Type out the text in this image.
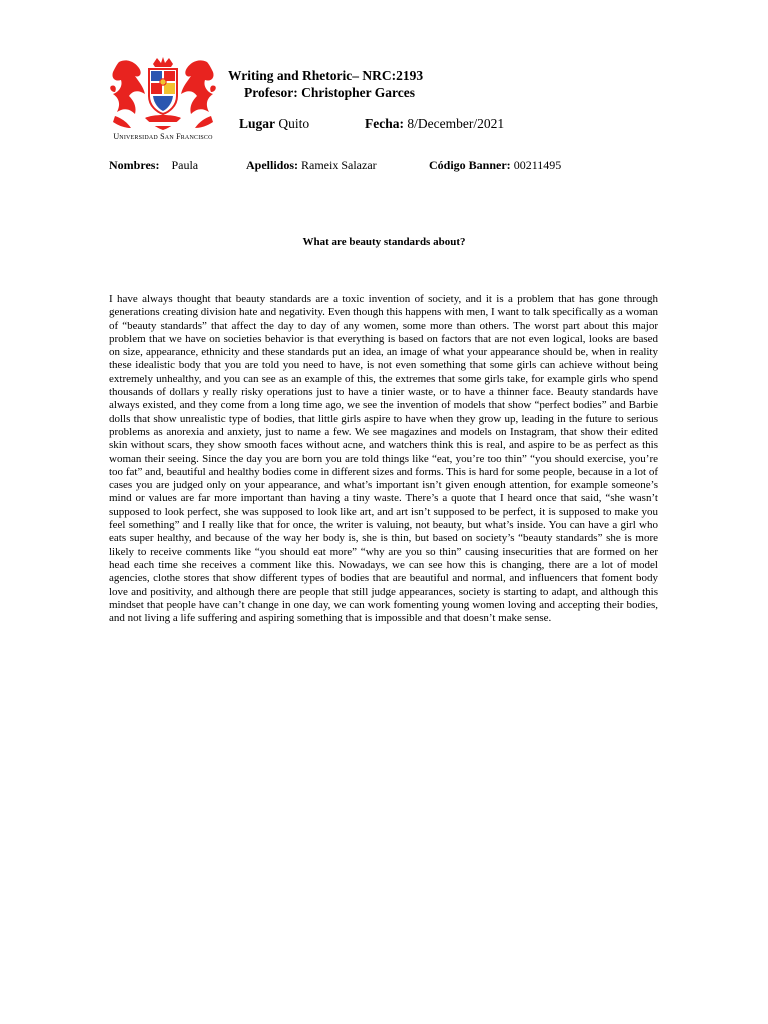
Universidad San Francisco
Writing and Rhetoric– NRC:2193
Profesor: Christopher Garces
Lugar Quito	Fecha: 8/December/2021
Nombres: Paula	Apellidos: Rameix Salazar	Código Banner: 00211495
What are beauty standards about?

I have always thought that beauty standards are a toxic invention of society, and it is a problem that has gone through generations creating division hate and negativity. Even though this happens with men, I want to talk specifically as a woman of “beauty standards” that affect the day to day of any women, some more than others. The worst part about this major problem that we have on societies behavior is that everything is based on factors that are not even logical, looks are based on size, appearance, ethnicity and these standards put an idea, an image of what your appearance should be, when in reality these idealistic body that you are told you need to have, is not even something that some girls can achieve without being extremely unhealthy, and you can see as an example of this, the extremes that some girls take, for example girls who spend thousands of dollars y really risky operations just to have a tinier waste, or to have a thinner face. Beauty standards have always existed, and they come from a long time ago, we see the invention of models that show “perfect bodies” and Barbie dolls that show unrealistic type of bodies, that little girls aspire to have when they grow up, leading in the future to serious problems as anorexia and anxiety, just to name a few. We see magazines and models on Instagram, that show their edited skin without scars, they show smooth faces without acne, and watchers think this is real, and aspire to be as perfect as this woman their seeing. Since the day you are born you are told things like “eat, you’re too thin” “you should exercise, you’re too fat” and, beautiful and healthy bodies come in different sizes and forms. This is hard for some people, because in a lot of cases you are judged only on your appearance, and what’s important isn’t given enough attention, for example someone’s mind or values are far more important than having a tiny waste. There’s a quote that I heard once that said, “she wasn’t supposed to look perfect, she was supposed to look like art, and art isn’t supposed to be perfect, it is supposed to make you feel something” and I really like that for once, the writer is valuing, not beauty, but what’s inside. You can have a girl who eats super healthy, and because of the way her body is, she is thin, but based on society’s “beauty standards” she is more likely to receive comments like “you should eat more” “why are you so thin” causing insecurities that are formed on her head each time she receives a comment like this. Nowadays, we can see how this is changing, there are a lot of model agencies, clothe stores that show different types of bodies that are beautiful and normal, and influencers that foment body love and positivity, and although there are people that still judge appearances, society is starting to adapt, and although this mindset that people have can’t change in one day, we can work fomenting young women loving and accepting their bodies, and not living a life suffering and aspiring something that is impossible and that doesn’t make sense.
